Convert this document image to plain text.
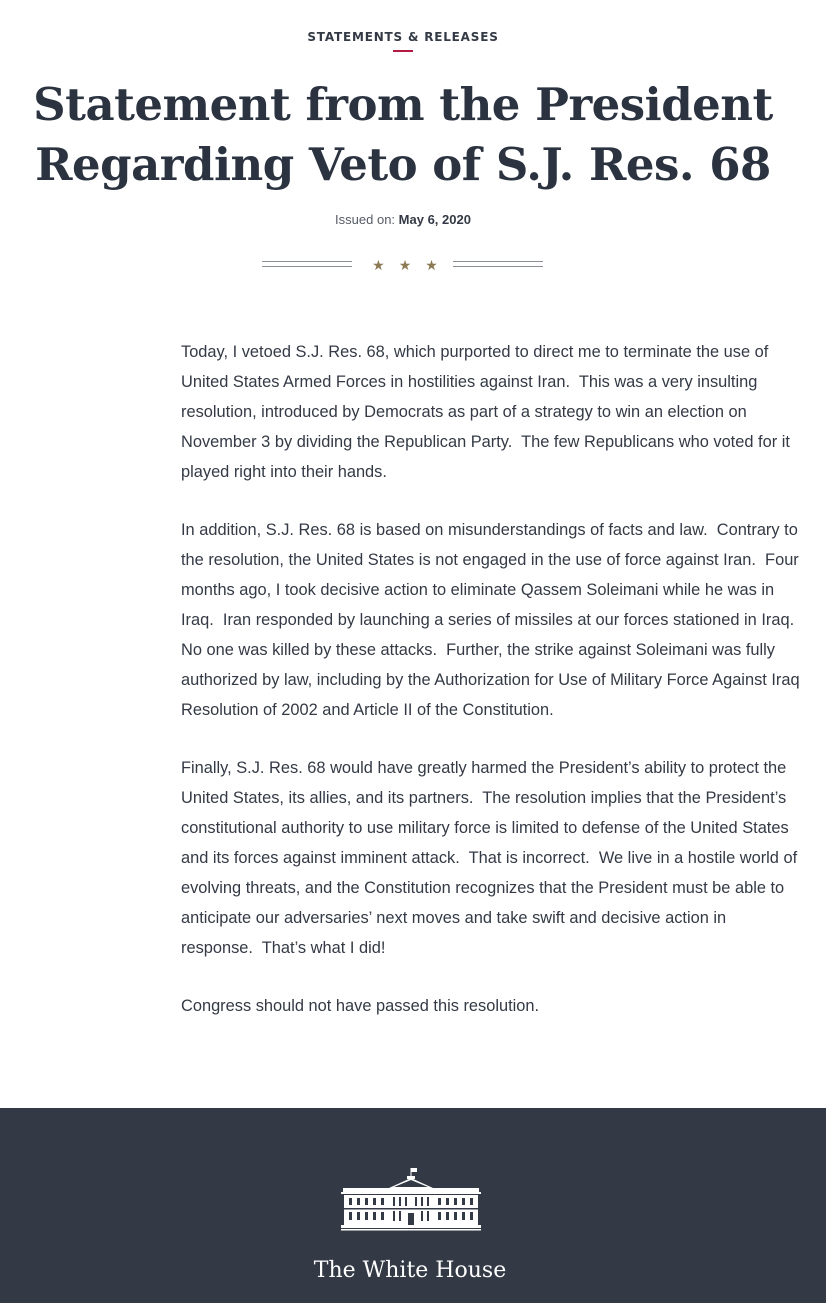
STATEMENTS & RELEASES
Statement from the President Regarding Veto of S.J. Res. 68
Issued on: May 6, 2020
★★★

Today, I vetoed S.J. Res. 68, which purported to direct me to terminate the use of United States Armed Forces in hostilities against Iran.  This was a very insulting resolution, introduced by Democrats as part of a strategy to win an election on November 3 by dividing the Republican Party.  The few Republicans who voted for it played right into their hands.

In addition, S.J. Res. 68 is based on misunderstandings of facts and law.  Contrary to the resolution, the United States is not engaged in the use of force against Iran.  Four months ago, I took decisive action to eliminate Qassem Soleimani while he was in Iraq.  Iran responded by launching a series of missiles at our forces stationed in Iraq.  No one was killed by these attacks.  Further, the strike against Soleimani was fully authorized by law, including by the Authorization for Use of Military Force Against Iraq Resolution of 2002 and Article II of the Constitution.

Finally, S.J. Res. 68 would have greatly harmed the President’s ability to protect the United States, its allies, and its partners.  The resolution implies that the President’s constitutional authority to use military force is limited to defense of the United States and its forces against imminent attack.  That is incorrect.  We live in a hostile world of evolving threats, and the Constitution recognizes that the President must be able to anticipate our adversaries’ next moves and take swift and decisive action in response.  That’s what I did!

Congress should not have passed this resolution.

The White House
